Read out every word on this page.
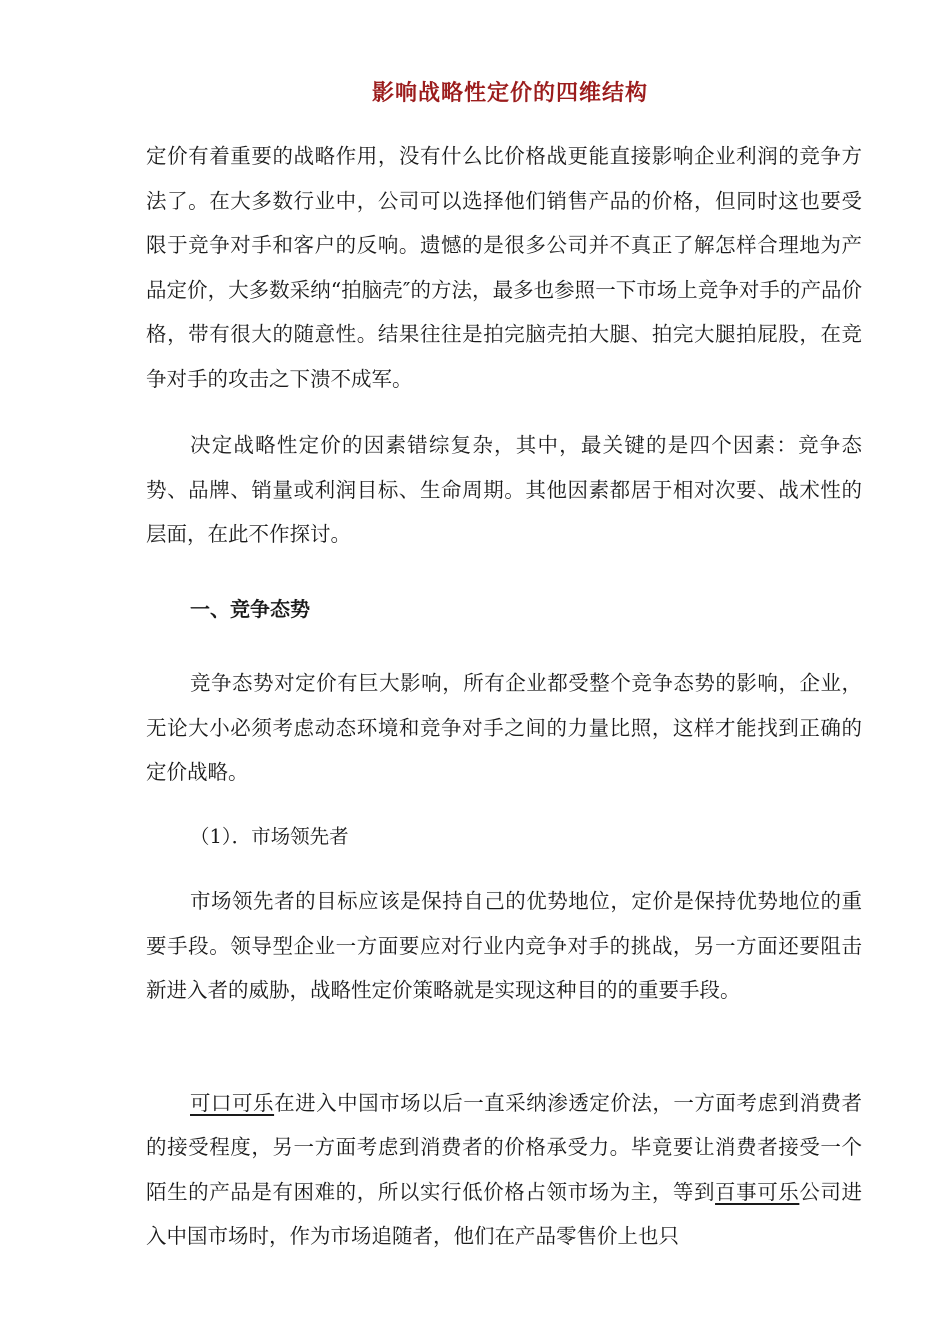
影响战略性定价的四维结构

定价有着重要的战略作用，没有什么比价格战更能直接影响企业利润的竞争方法了。在大多数行业中，公司可以选择他们销售产品的价格，但同时这也要受限于竞争对手和客户的反响。遗憾的是很多公司并不真正了解怎样合理地为产品定价，大多数采纳“拍脑壳″的方法，最多也参照一下市场上竞争对手的产品价格，带有很大的随意性。结果往往是拍完脑壳拍大腿、拍完大腿拍屁股，在竞争对手的攻击之下溃不成军。

决定战略性定价的因素错综复杂，其中，最关键的是四个因素：竞争态势、品牌、销量或利润目标、生命周期。其他因素都居于相对次要、战术性的层面，在此不作探讨。

一、竞争态势

竞争态势对定价有巨大影响，所有企业都受整个竞争态势的影响，企业，无论大小必须考虑动态环境和竞争对手之间的力量比照，这样才能找到正确的定价战略。

（1）．市场领先者

市场领先者的目标应该是保持自己的优势地位，定价是保持优势地位的重要手段。领导型企业一方面要应对行业内竞争对手的挑战，另一方面还要阻击新进入者的威胁，战略性定价策略就是实现这种目的的重要手段。

可口可乐在进入中国市场以后一直采纳渗透定价法，一方面考虑到消费者的接受程度，另一方面考虑到消费者的价格承受力。毕竟要让消费者接受一个陌生的产品是有困难的，所以实行低价格占领市场为主，等到百事可乐公司进入中国市场时，作为市场追随者，他们在产品零售价上也只
